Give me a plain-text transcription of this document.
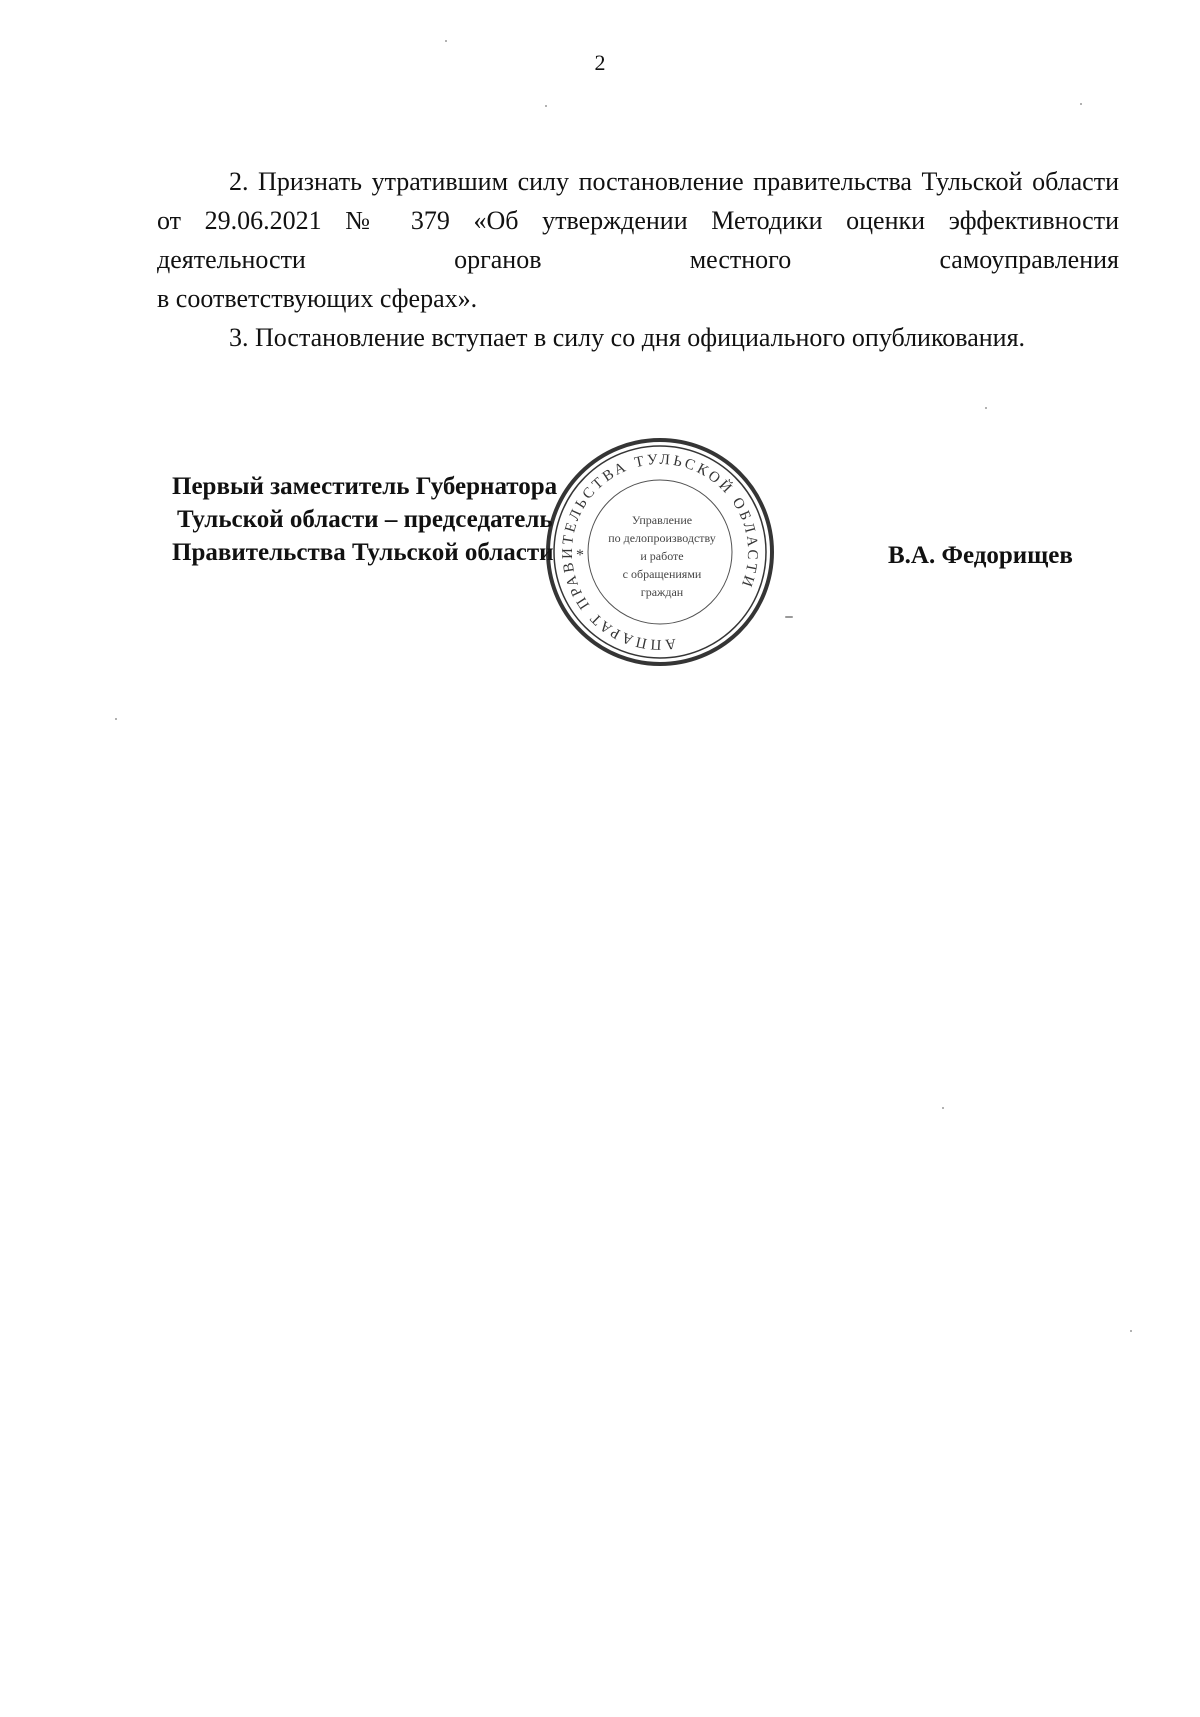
2

2. Признать утратившим силу постановление правительства Тульской области от 29.06.2021 № 379 «Об утверждении Методики оценки эффективности деятельности органов местного самоуправления

в соответствующих сферах».

3. Постановление вступает в силу со дня официального опубликования.

Первый заместитель Губернатора
Тульской области – председатель
Правительства Тульской области
АППАРАТ ПРАВИТЕЛЬСТВА ТУЛЬСКОЙ ОБЛАСТИ
*
Управление
по делопроизводству
и работе
с обращениями
граждан
В.А. Федорищев
